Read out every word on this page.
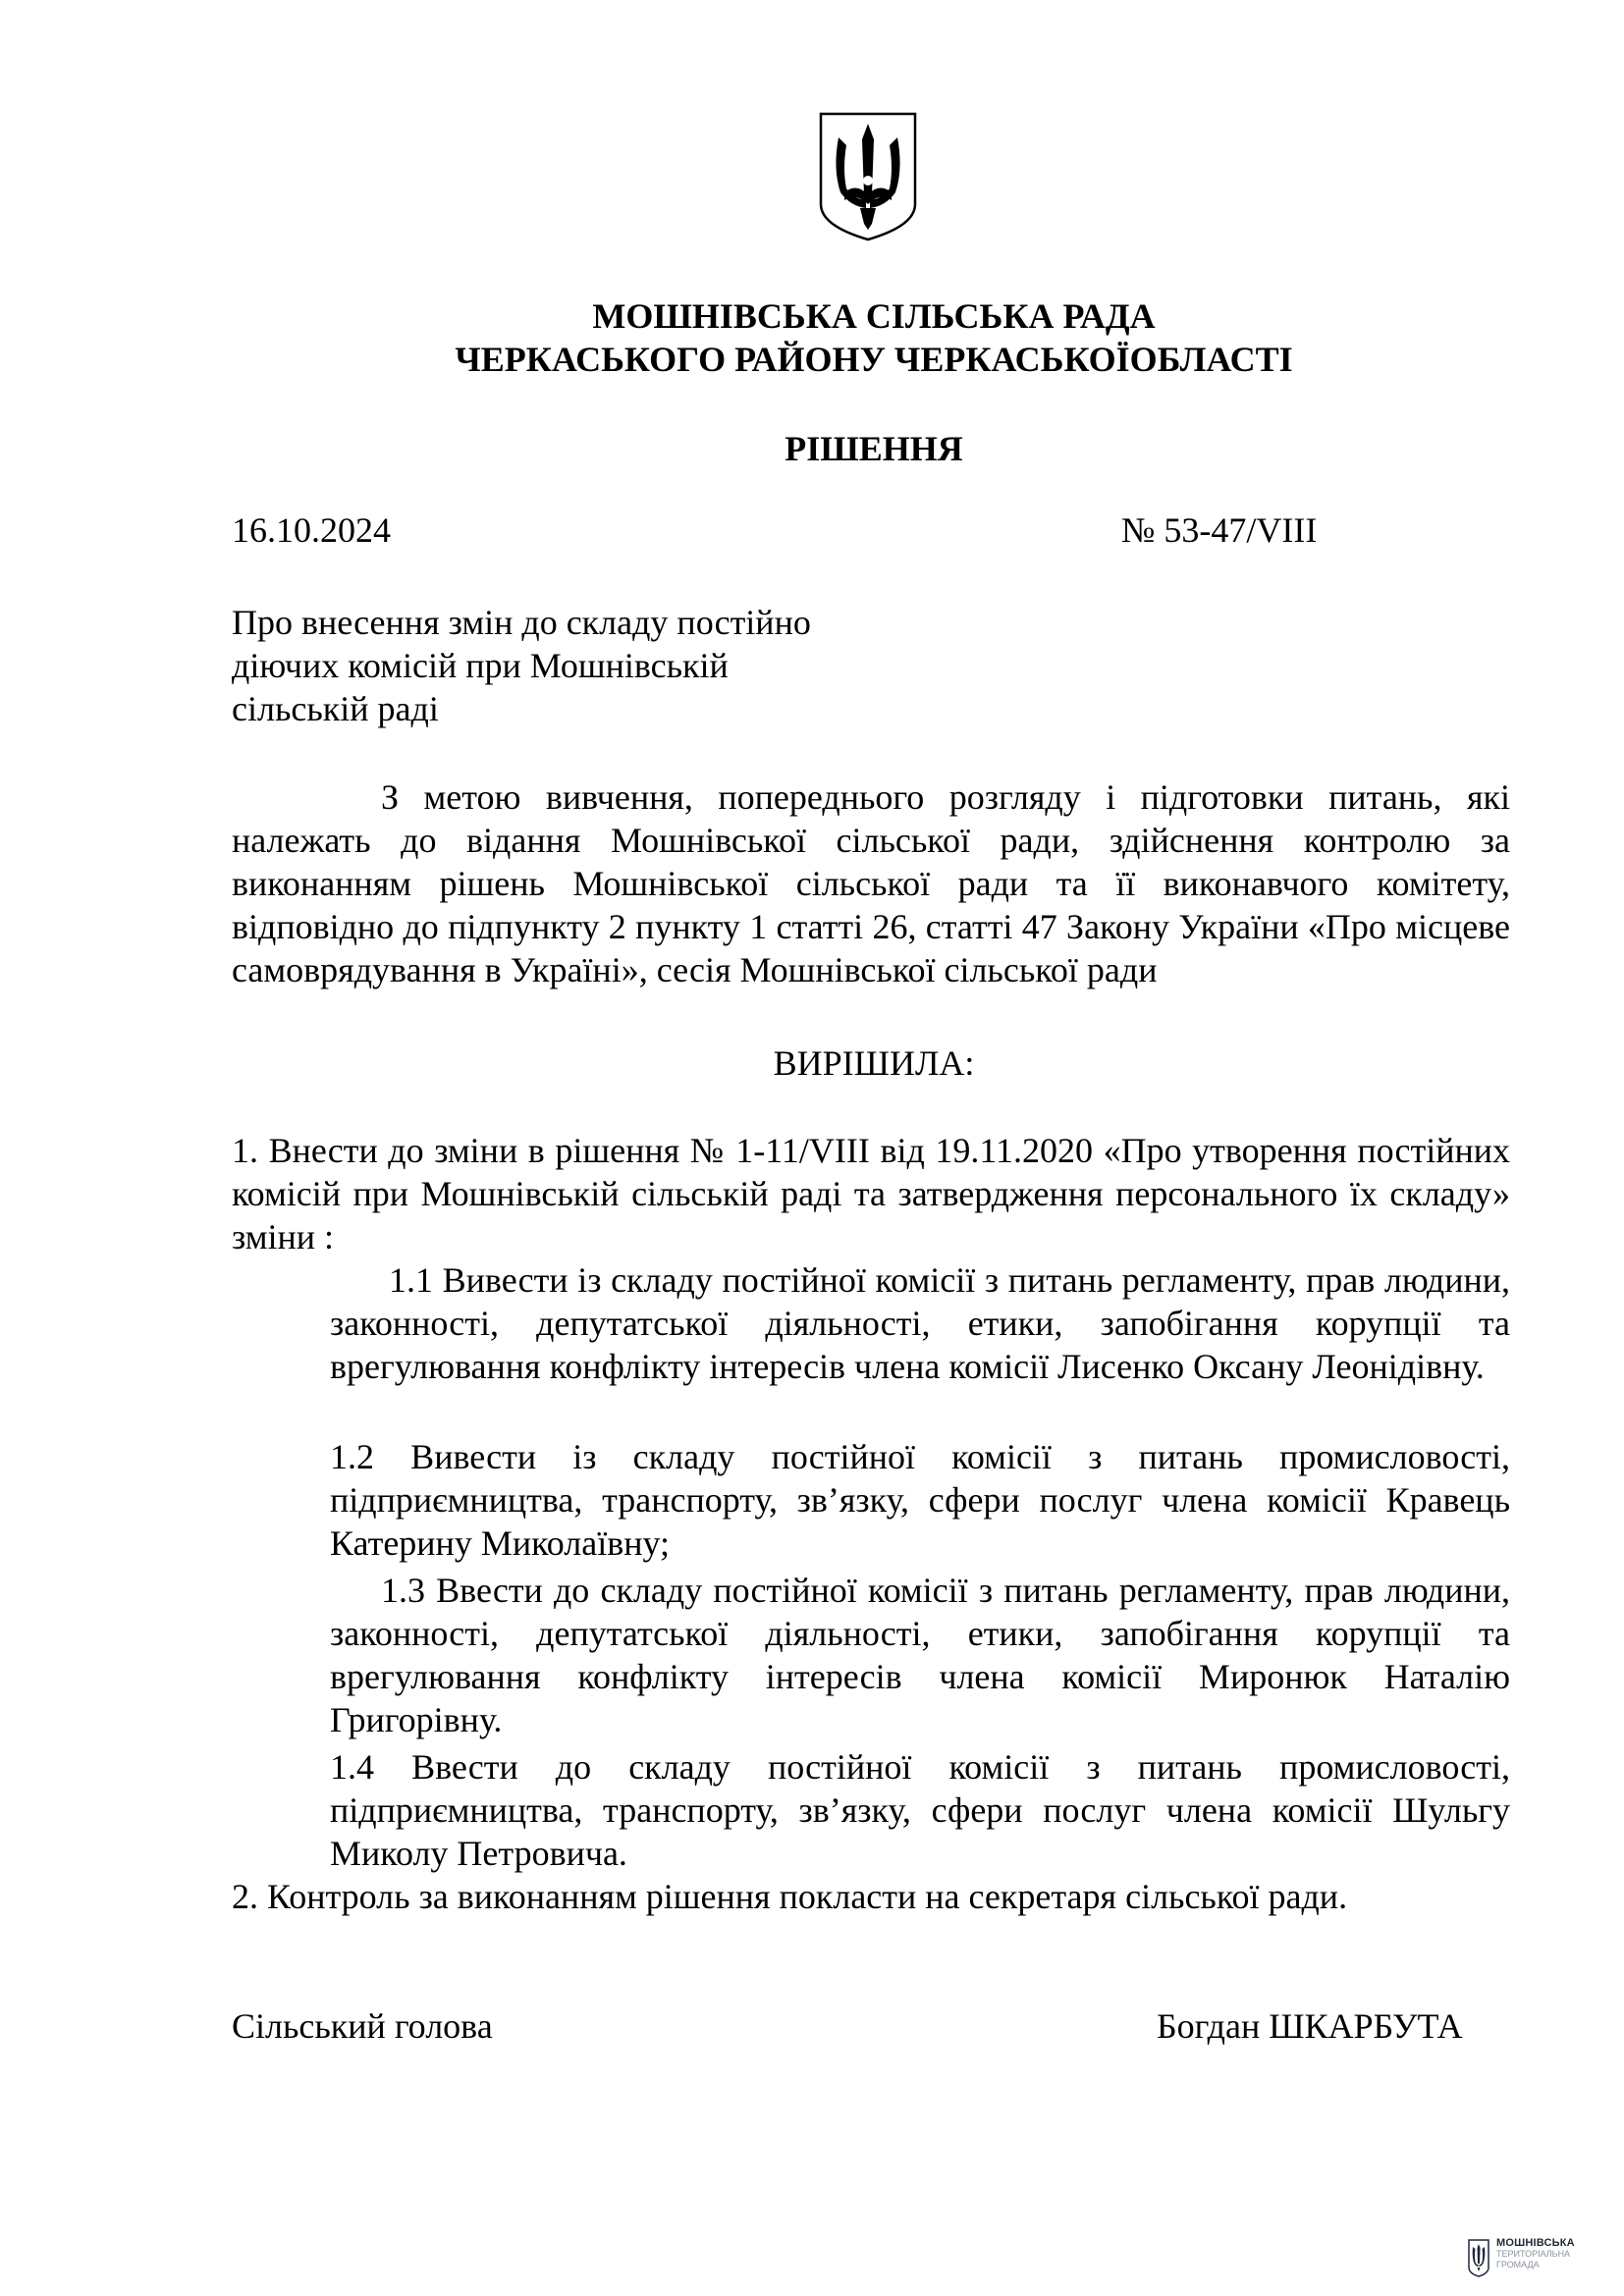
МОШНІВСЬКА СІЛЬСЬКА РАДА
ЧЕРКАСЬКОГО РАЙОНУ ЧЕРКАСЬКОЇОБЛАСТІ
РІШЕННЯ
16.10.2024	№ 53-47/VIII
Про внесення змін до складу постійно
діючих комісій при Мошнівській
сільській раді
З метою вивчення, попереднього розгляду і підготовки питань, які належать до відання Мошнівської сільської ради, здійснення контролю за виконанням рішень Мошнівської сільської ради та її виконавчого комітету, відповідно до підпункту 2 пункту 1 статті 26, статті 47 Закону України «Про місцеве самоврядування в Україні», сесія Мошнівської сільської ради
ВИРІШИЛА:
1. Внести до зміни в рішення № 1-11/VIII від 19.11.2020 «Про утворення постійних комісій при Мошнівській сільській раді та затвердження персонального їх складу» зміни :
1.1 Вивести із складу постійної комісії з питань регламенту, прав людини, законності, депутатської діяльності, етики, запобігання корупції та врегулювання конфлікту інтересів члена комісії Лисенко Оксану Леонідівну.
1.2 Вивести із складу постійної комісії з питань промисловості, підприємництва, транспорту, зв’язку, сфери послуг члена комісії Кравець Катерину Миколаївну;
1.3 Ввести до складу постійної комісії з питань регламенту, прав людини, законності, депутатської діяльності, етики, запобігання корупції та врегулювання конфлікту інтересів члена комісії Миронюк Наталію Григорівну.
1.4 Ввести до складу постійної комісії з питань промисловості, підприємництва, транспорту, зв’язку, сфери послуг члена комісії Шульгу Миколу Петровича.
2. Контроль за виконанням рішення покласти на секретаря сільської ради.
Сільський голова	Богдан ШКАРБУТА
МОШНІВСЬКА
ТЕРИТОРІАЛЬНА
ГРОМАДА
